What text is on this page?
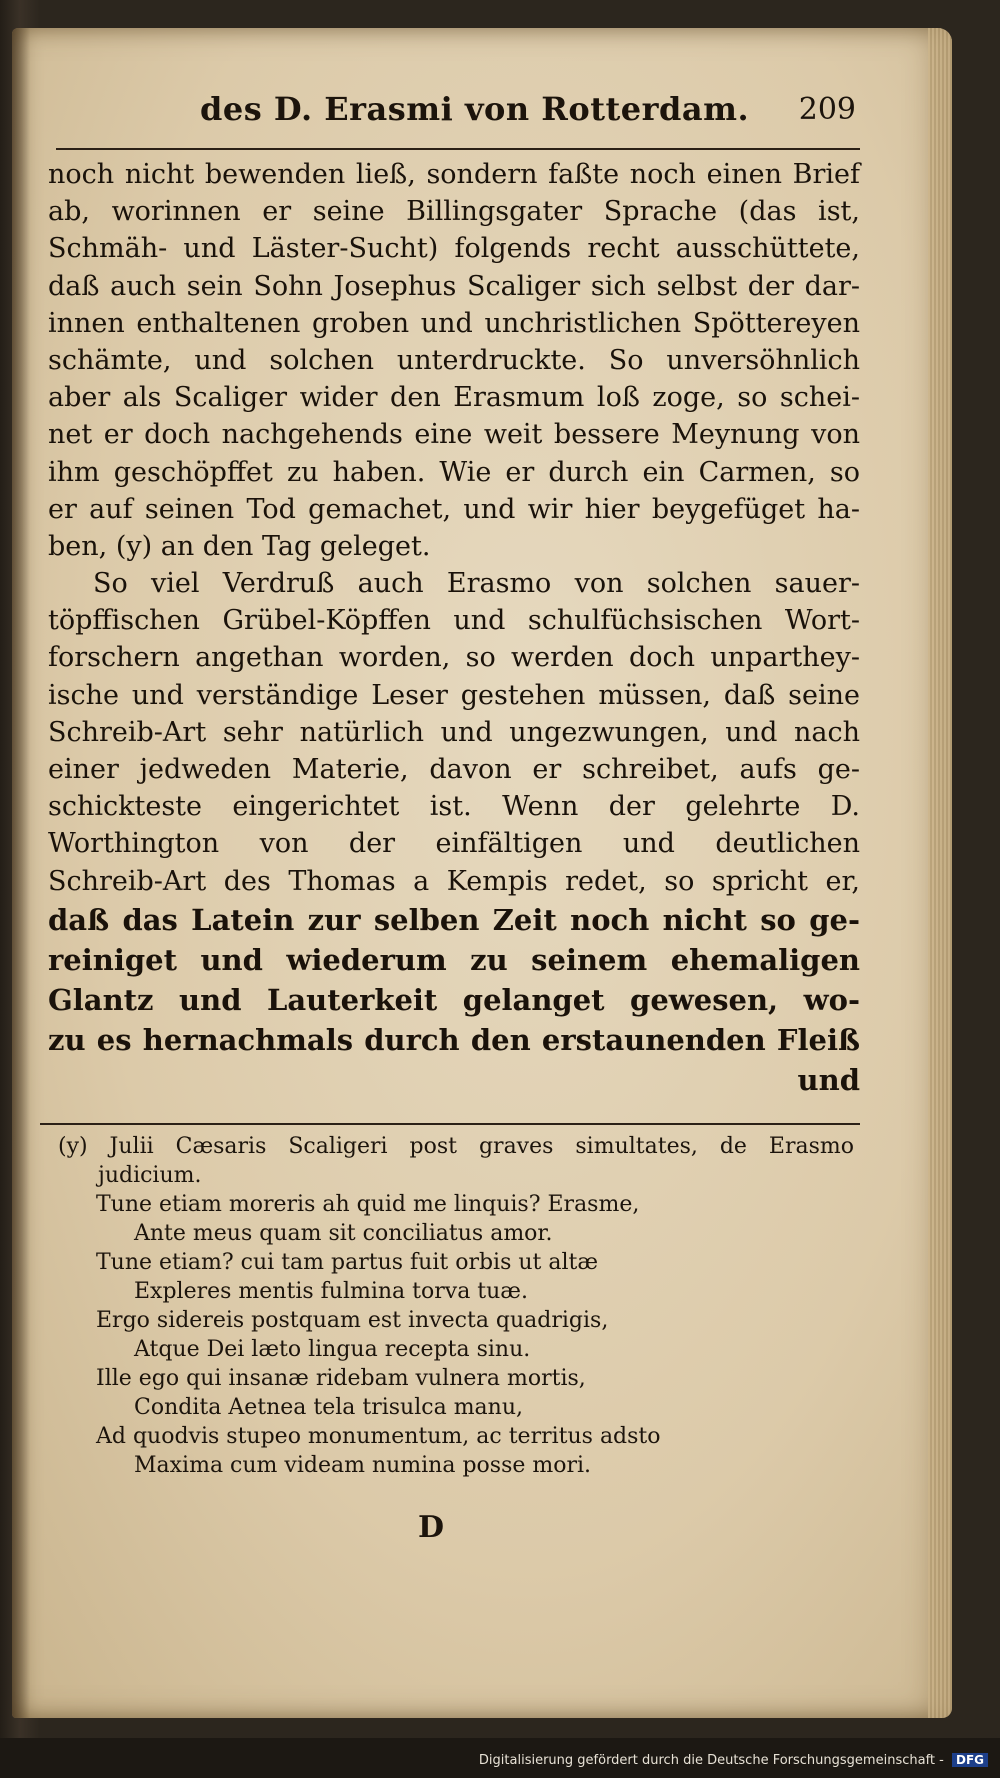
des D. Erasmi von Rotterdam. 209
noch nicht bewenden ließ, sondern faßte noch einen Brief
ab, worinnen er seine Billingsgater Sprache (das ist,
Schmäh- und Läster-Sucht) folgends recht ausschüttete,
daß auch sein Sohn Josephus Scaliger sich selbst der dar-
innen enthaltenen groben und unchristlichen Spöttereyen
schämte, und solchen unterdruckte. So unversöhnlich
aber als Scaliger wider den Erasmum loß zoge, so schei-
net er doch nachgehends eine weit bessere Meynung von
ihm geschöpffet zu haben. Wie er durch ein Carmen, so
er auf seinen Tod gemachet, und wir hier beygefüget ha-
ben, (y) an den Tag geleget.
So viel Verdruß auch Erasmo von solchen sauer-
töpffischen Grübel-Köpffen und schulfüchsischen Wort-
forschern angethan worden, so werden doch unparthey-
ische und verständige Leser gestehen müssen, daß seine
Schreib-Art sehr natürlich und ungezwungen, und nach
einer jedweden Materie, davon er schreibet, aufs ge-
schickteste eingerichtet ist. Wenn der gelehrte D.
Worthington von der einfältigen und deutlichen
Schreib-Art des Thomas a Kempis redet, so spricht er,
daß das Latein zur selben Zeit noch nicht so ge-
reiniget und wiederum zu seinem ehemaligen
Glantz und Lauterkeit gelanget gewesen, wo-
zu es hernachmals durch den erstaunenden Fleiß
und
(y) Julii Cæsaris Scaligeri post graves simultates, de Erasmo
judicium.
Tune etiam moreris ah quid me linquis? Erasme,
Ante meus quam sit conciliatus amor.
Tune etiam? cui tam partus fuit orbis ut altæ
Expleres mentis fulmina torva tuæ.
Ergo sidereis postquam est invecta quadrigis,
Atque Dei læto lingua recepta sinu.
Ille ego qui insanæ ridebam vulnera mortis,
Condita Aetnea tela trisulca manu,
Ad quodvis stupeo monumentum, ac territus adsto
Maxima cum videam numina posse mori.
D
Digitalisierung gefördert durch die Deutsche Forschungsgemeinschaft - DFG
